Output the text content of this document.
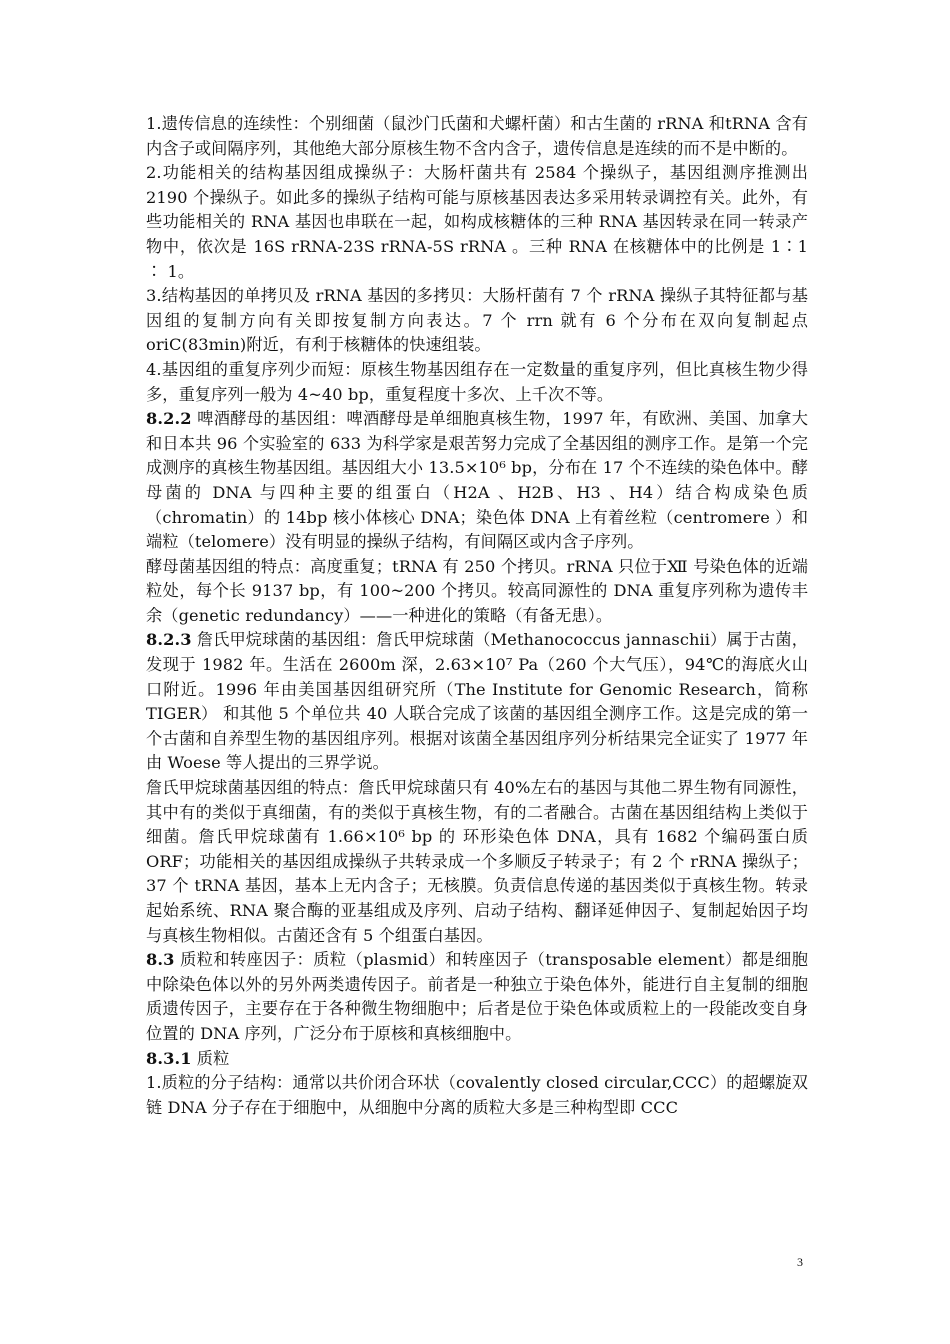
1.遗传信息的连续性：个别细菌（鼠沙门氏菌和犬螺杆菌）和古生菌的 rRNA 和tRNA 含有内含子或间隔序列，其他绝大部分原核生物不含内含子，遗传信息是连续的而不是中断的。

2.功能相关的结构基因组成操纵子：大肠杆菌共有 2584 个操纵子，基因组测序推测出 2190 个操纵子。如此多的操纵子结构可能与原核基因表达多采用转录调控有关。此外，有些功能相关的 RNA 基因也串联在一起，如构成核糖体的三种 RNA 基因转录在同一转录产物中，依次是 16S rRNA-23S rRNA-5S rRNA 。三种 RNA 在核糖体中的比例是 1∶1 ∶ 1。

3.结构基因的单拷贝及 rRNA 基因的多拷贝：大肠杆菌有 7 个 rRNA 操纵子其特征都与基因组的复制方向有关即按复制方向表达。7 个 rrn 就有 6 个分布在双向复制起点 oriC(83min)附近，有利于核糖体的快速组装。

4.基因组的重复序列少而短：原核生物基因组存在一定数量的重复序列，但比真核生物少得多，重复序列一般为 4~40 bp，重复程度十多次、上千次不等。

8.2.2 啤酒酵母的基因组：啤酒酵母是单细胞真核生物，1997 年，有欧洲、美国、加拿大和日本共 96 个实验室的 633 为科学家是艰苦努力完成了全基因组的测序工作。是第一个完成测序的真核生物基因组。基因组大小 13.5×10⁶ bp，分布在 17 个不连续的染色体中。酵母菌的 DNA 与四种主要的组蛋白（H2A 、H2B、H3 、H4）结合构成染色质（chromatin）的 14bp 核小体核心 DNA；染色体 DNA 上有着丝粒（centromere ）和端粒（telomere）没有明显的操纵子结构，有间隔区或内含子序列。

酵母菌基因组的特点：高度重复；tRNA 有 250 个拷贝。rRNA 只位于Ⅻ 号染色体的近端粒处，每个长 9137 bp，有 100~200 个拷贝。较高同源性的 DNA 重复序列称为遗传丰余（genetic redundancy）——一种进化的策略（有备无患）。

8.2.3 詹氏甲烷球菌的基因组：詹氏甲烷球菌（Methanococcus jannaschii）属于古菌，发现于 1982 年。生活在 2600m 深，2.63×10⁷ Pa（260 个大气压），94℃的海底火山口附近。1996 年由美国基因组研究所（The Institute for Genomic Research，简称 TIGER） 和其他 5 个单位共 40 人联合完成了该菌的基因组全测序工作。这是完成的第一个古菌和自养型生物的基因组序列。根据对该菌全基因组序列分析结果完全证实了 1977 年由 Woese 等人提出的三界学说。

詹氏甲烷球菌基因组的特点：詹氏甲烷球菌只有 40%左右的基因与其他二界生物有同源性，其中有的类似于真细菌，有的类似于真核生物，有的二者融合。古菌在基因组结构上类似于细菌。詹氏甲烷球菌有 1.66×10⁶ bp 的 环形染色体 DNA，具有 1682 个编码蛋白质 ORF；功能相关的基因组成操纵子共转录成一个多顺反子转录子；有 2 个 rRNA 操纵子；37 个 tRNA 基因，基本上无内含子；无核膜。负责信息传递的基因类似于真核生物。转录起始系统、RNA 聚合酶的亚基组成及序列、启动子结构、翻译延伸因子、复制起始因子均与真核生物相似。古菌还含有 5 个组蛋白基因。

8.3 质粒和转座因子：质粒（plasmid）和转座因子（transposable element）都是细胞中除染色体以外的另外两类遗传因子。前者是一种独立于染色体外，能进行自主复制的细胞质遗传因子，主要存在于各种微生物细胞中；后者是位于染色体或质粒上的一段能改变自身位置的 DNA 序列，广泛分布于原核和真核细胞中。

8.3.1 质粒

1.质粒的分子结构：通常以共价闭合环状（covalently closed circular,CCC）的超螺旋双链 DNA 分子存在于细胞中，从细胞中分离的质粒大多是三种构型即 CCC

3
